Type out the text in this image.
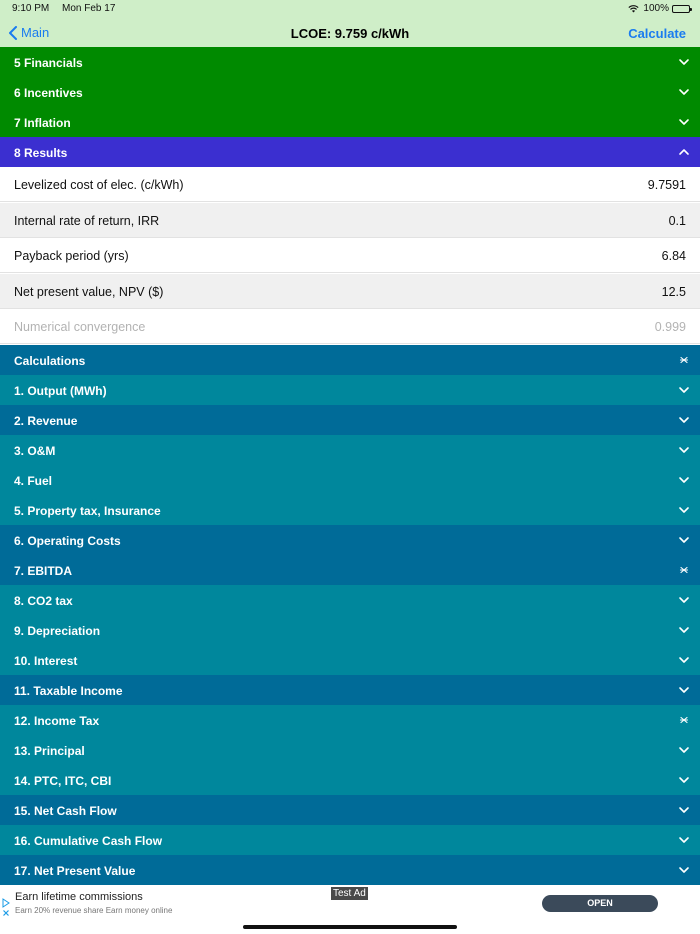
9:10 PM Mon Feb 17	100%
Main	LCOE: 9.759 c/kWh	Calculate
5 Financials
6 Incentives
7 Inflation
8 Results
Levelized cost of elec. (c/kWh)	9.7591
Internal rate of return, IRR	0.1
Payback period (yrs)	6.84
Net present value, NPV ($)	12.5
Numerical convergence	0.999
Calculations
1. Output (MWh)
2. Revenue
3. O&M
4. Fuel
5. Property tax, Insurance
6. Operating Costs
7. EBITDA
8. CO2 tax
9. Depreciation
10. Interest
11. Taxable Income
12. Income Tax
13. Principal
14. PTC, ITC, CBI
15. Net Cash Flow
16. Cumulative Cash Flow
17. Net Present Value
Earn lifetime commissions
Earn 20% revenue share Earn money online
Test Ad
OPEN
